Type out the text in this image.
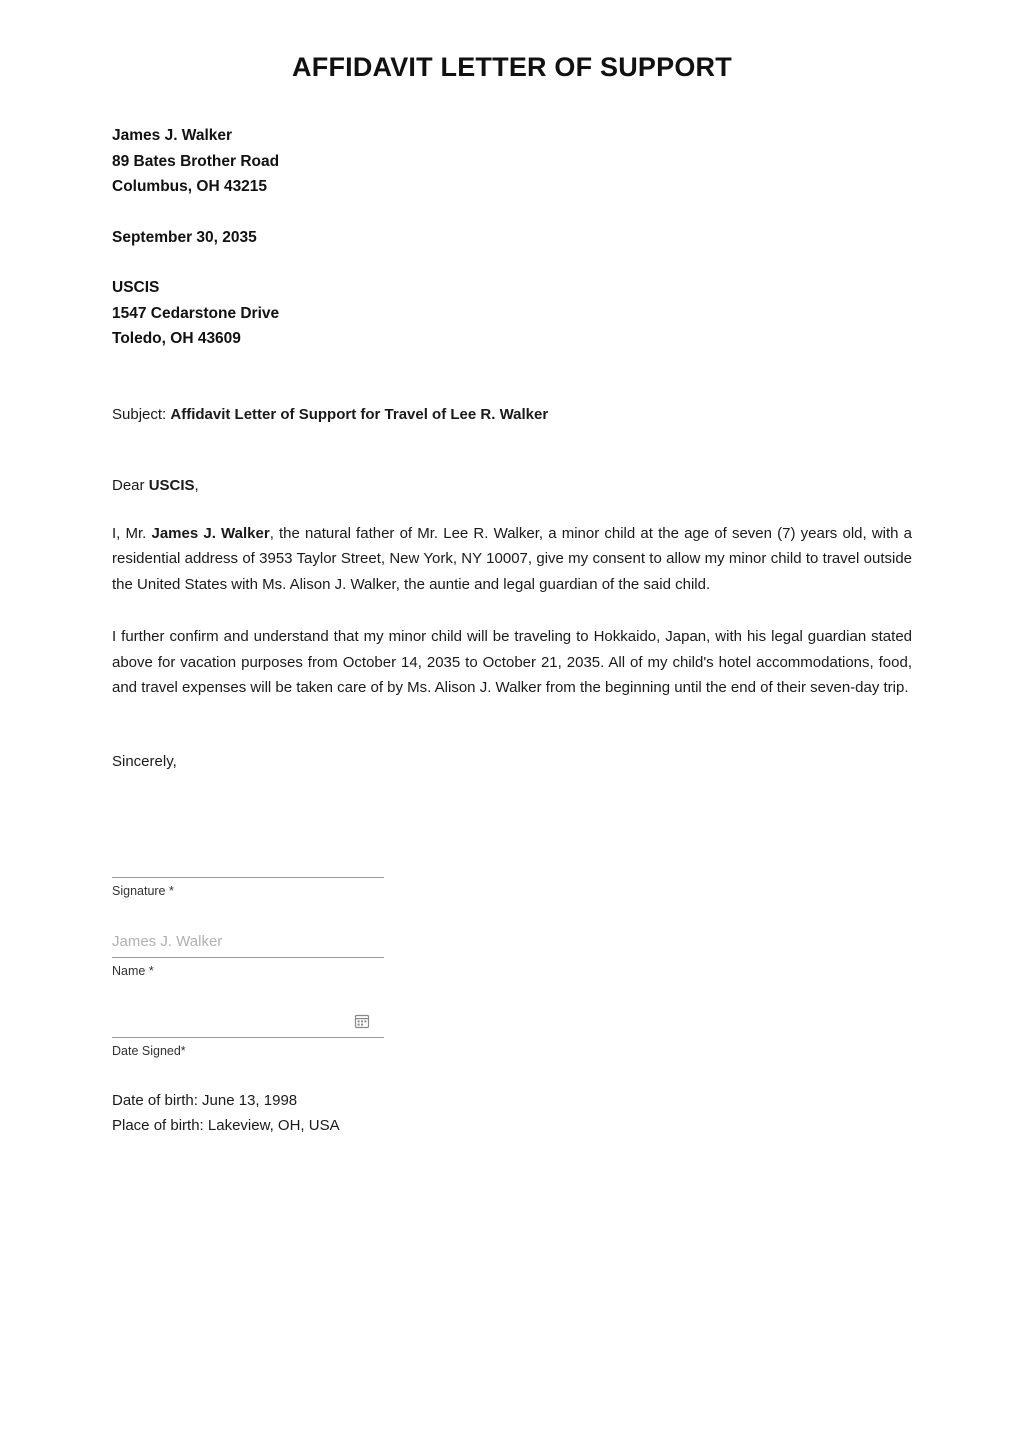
AFFIDAVIT LETTER OF SUPPORT
James J. Walker
89 Bates Brother Road
Columbus, OH 43215
September 30, 2035
USCIS
1547 Cedarstone Drive
Toledo, OH 43609
Subject: Affidavit Letter of Support for Travel of Lee R. Walker
Dear USCIS,

I, Mr. James J. Walker, the natural father of Mr. Lee R. Walker, a minor child at the age of seven (7) years old, with a residential address of 3953 Taylor Street, New York, NY 10007, give my consent to allow my minor child to travel outside the United States with Ms. Alison J. Walker, the auntie and legal guardian of the said child.

I further confirm and understand that my minor child will be traveling to Hokkaido, Japan, with his legal guardian stated above for vacation purposes from October 14, 2035 to October 21, 2035. All of my child's hotel accommodations, food, and travel expenses will be taken care of by Ms. Alison J. Walker from the beginning until the end of their seven-day trip.

Sincerely,
Signature *
James J. Walker
Name *
Date Signed*
Date of birth: June 13, 1998
Place of birth: Lakeview, OH, USA
